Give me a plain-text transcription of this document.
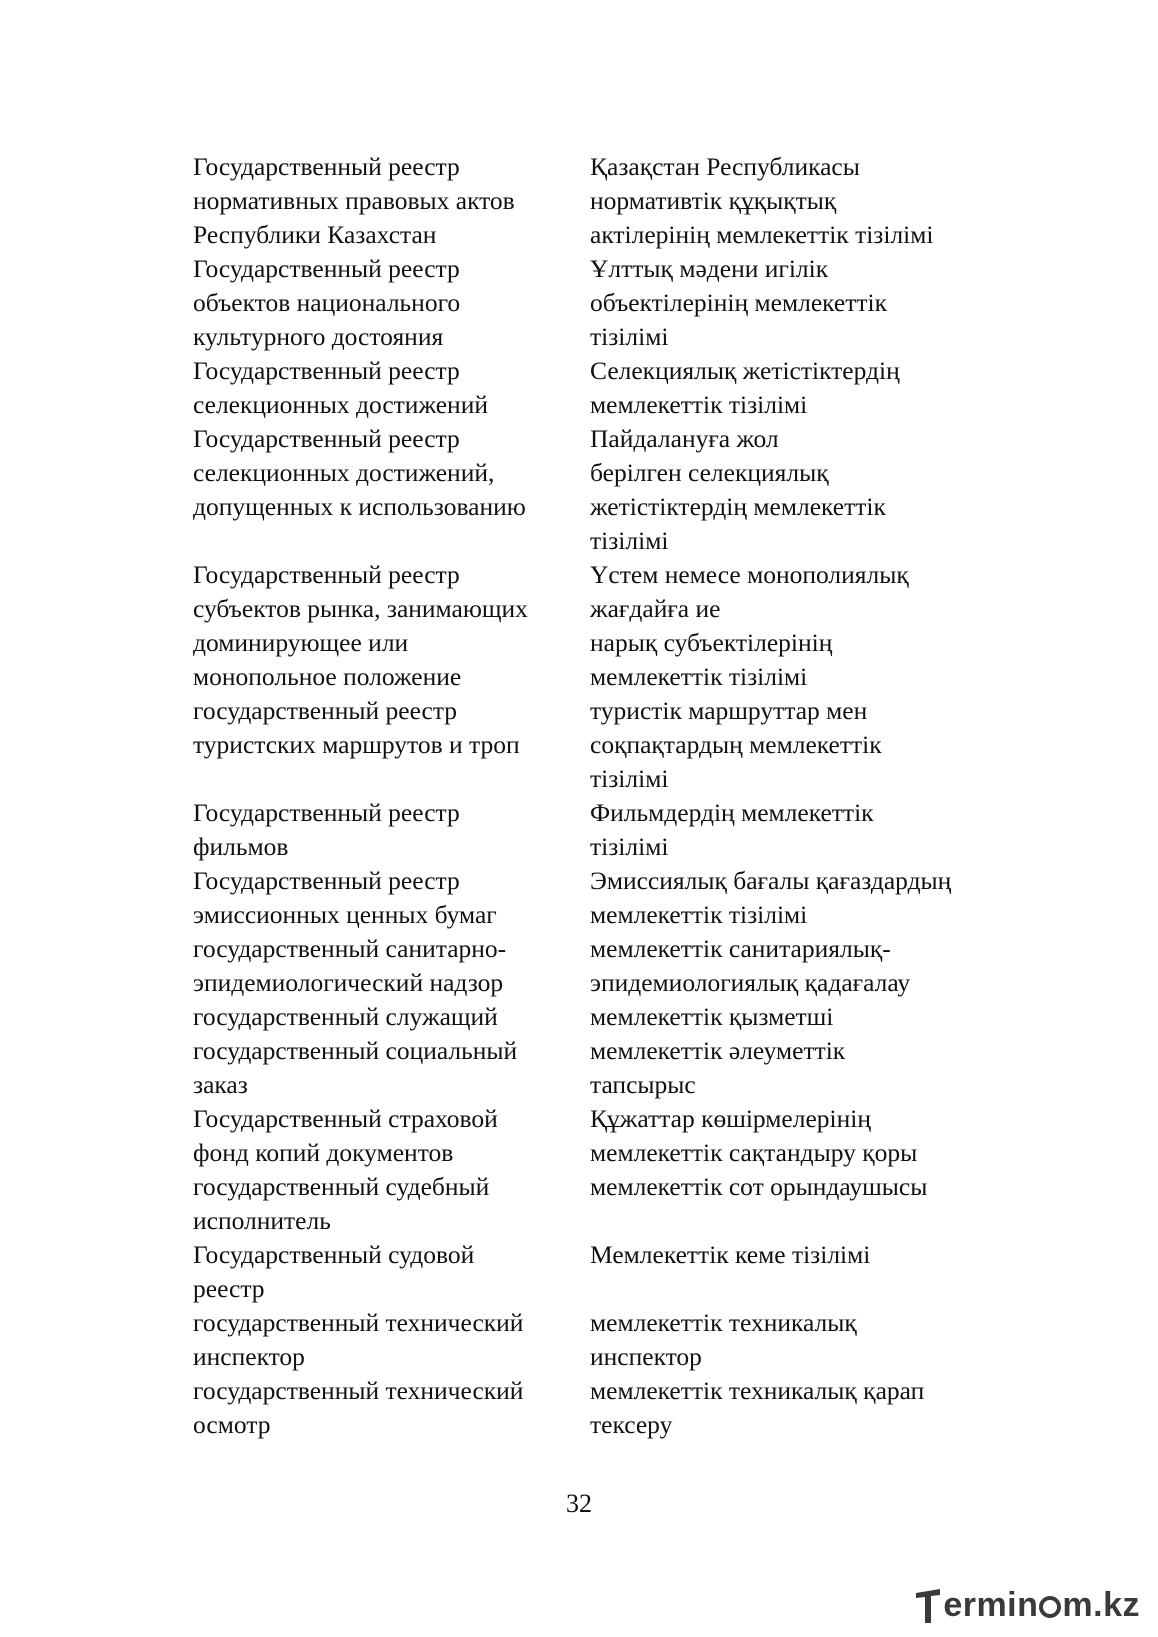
Государственный реестр
нормативных правовых актов
Республики Казахстан
Қазақстан Республикасы
нормативтік құқықтық
актілерінің мемлекеттік тізілімі
Государственный реестр
объектов национального
культурного достояния
Ұлттық мәдени игілік
объектілерінің мемлекеттік
тізілімі
Государственный реестр
селекционных достижений
Селекциялық жетістіктердің
мемлекеттік тізілімі
Государственный реестр
селекционных достижений,
допущенных к использованию
Пайдалануға жол
берілген селекциялық
жетістіктердің мемлекеттік
тізілімі
Государственный реестр
субъектов рынка, занимающих
доминирующее или
монопольное положение
Үстем немесе монополиялық
жағдайға ие
нарық субъектілерінің
мемлекеттік тізілімі
государственный реестр
туристских маршрутов и троп
туристік маршруттар мен
соқпақтардың мемлекеттік
тізілімі
Государственный реестр
фильмов
Фильмдердің мемлекеттік
тізілімі
Государственный реестр
эмиссионных ценных бумаг
Эмиссиялық бағалы қағаздардың
мемлекеттік тізілімі
государственный санитарно-
эпидемиологический надзор
мемлекеттік санитариялық-
эпидемиологиялық қадағалау
государственный служащий	мемлекеттік қызметші
государственный социальный
заказ
мемлекеттік әлеуметтік
тапсырыс
Государственный страховой
фонд копий документов
Құжаттар көшірмелерінің
мемлекеттік сақтандыру қоры
государственный судебный
исполнитель
мемлекеттік сот орындаушысы
Государственный судовой
реестр
Мемлекеттік кеме тізілімі
государственный технический
инспектор
мемлекеттік техникалық
инспектор
государственный технический
осмотр
мемлекеттік техникалық қарап
тексеру
32
ermin m.kz
